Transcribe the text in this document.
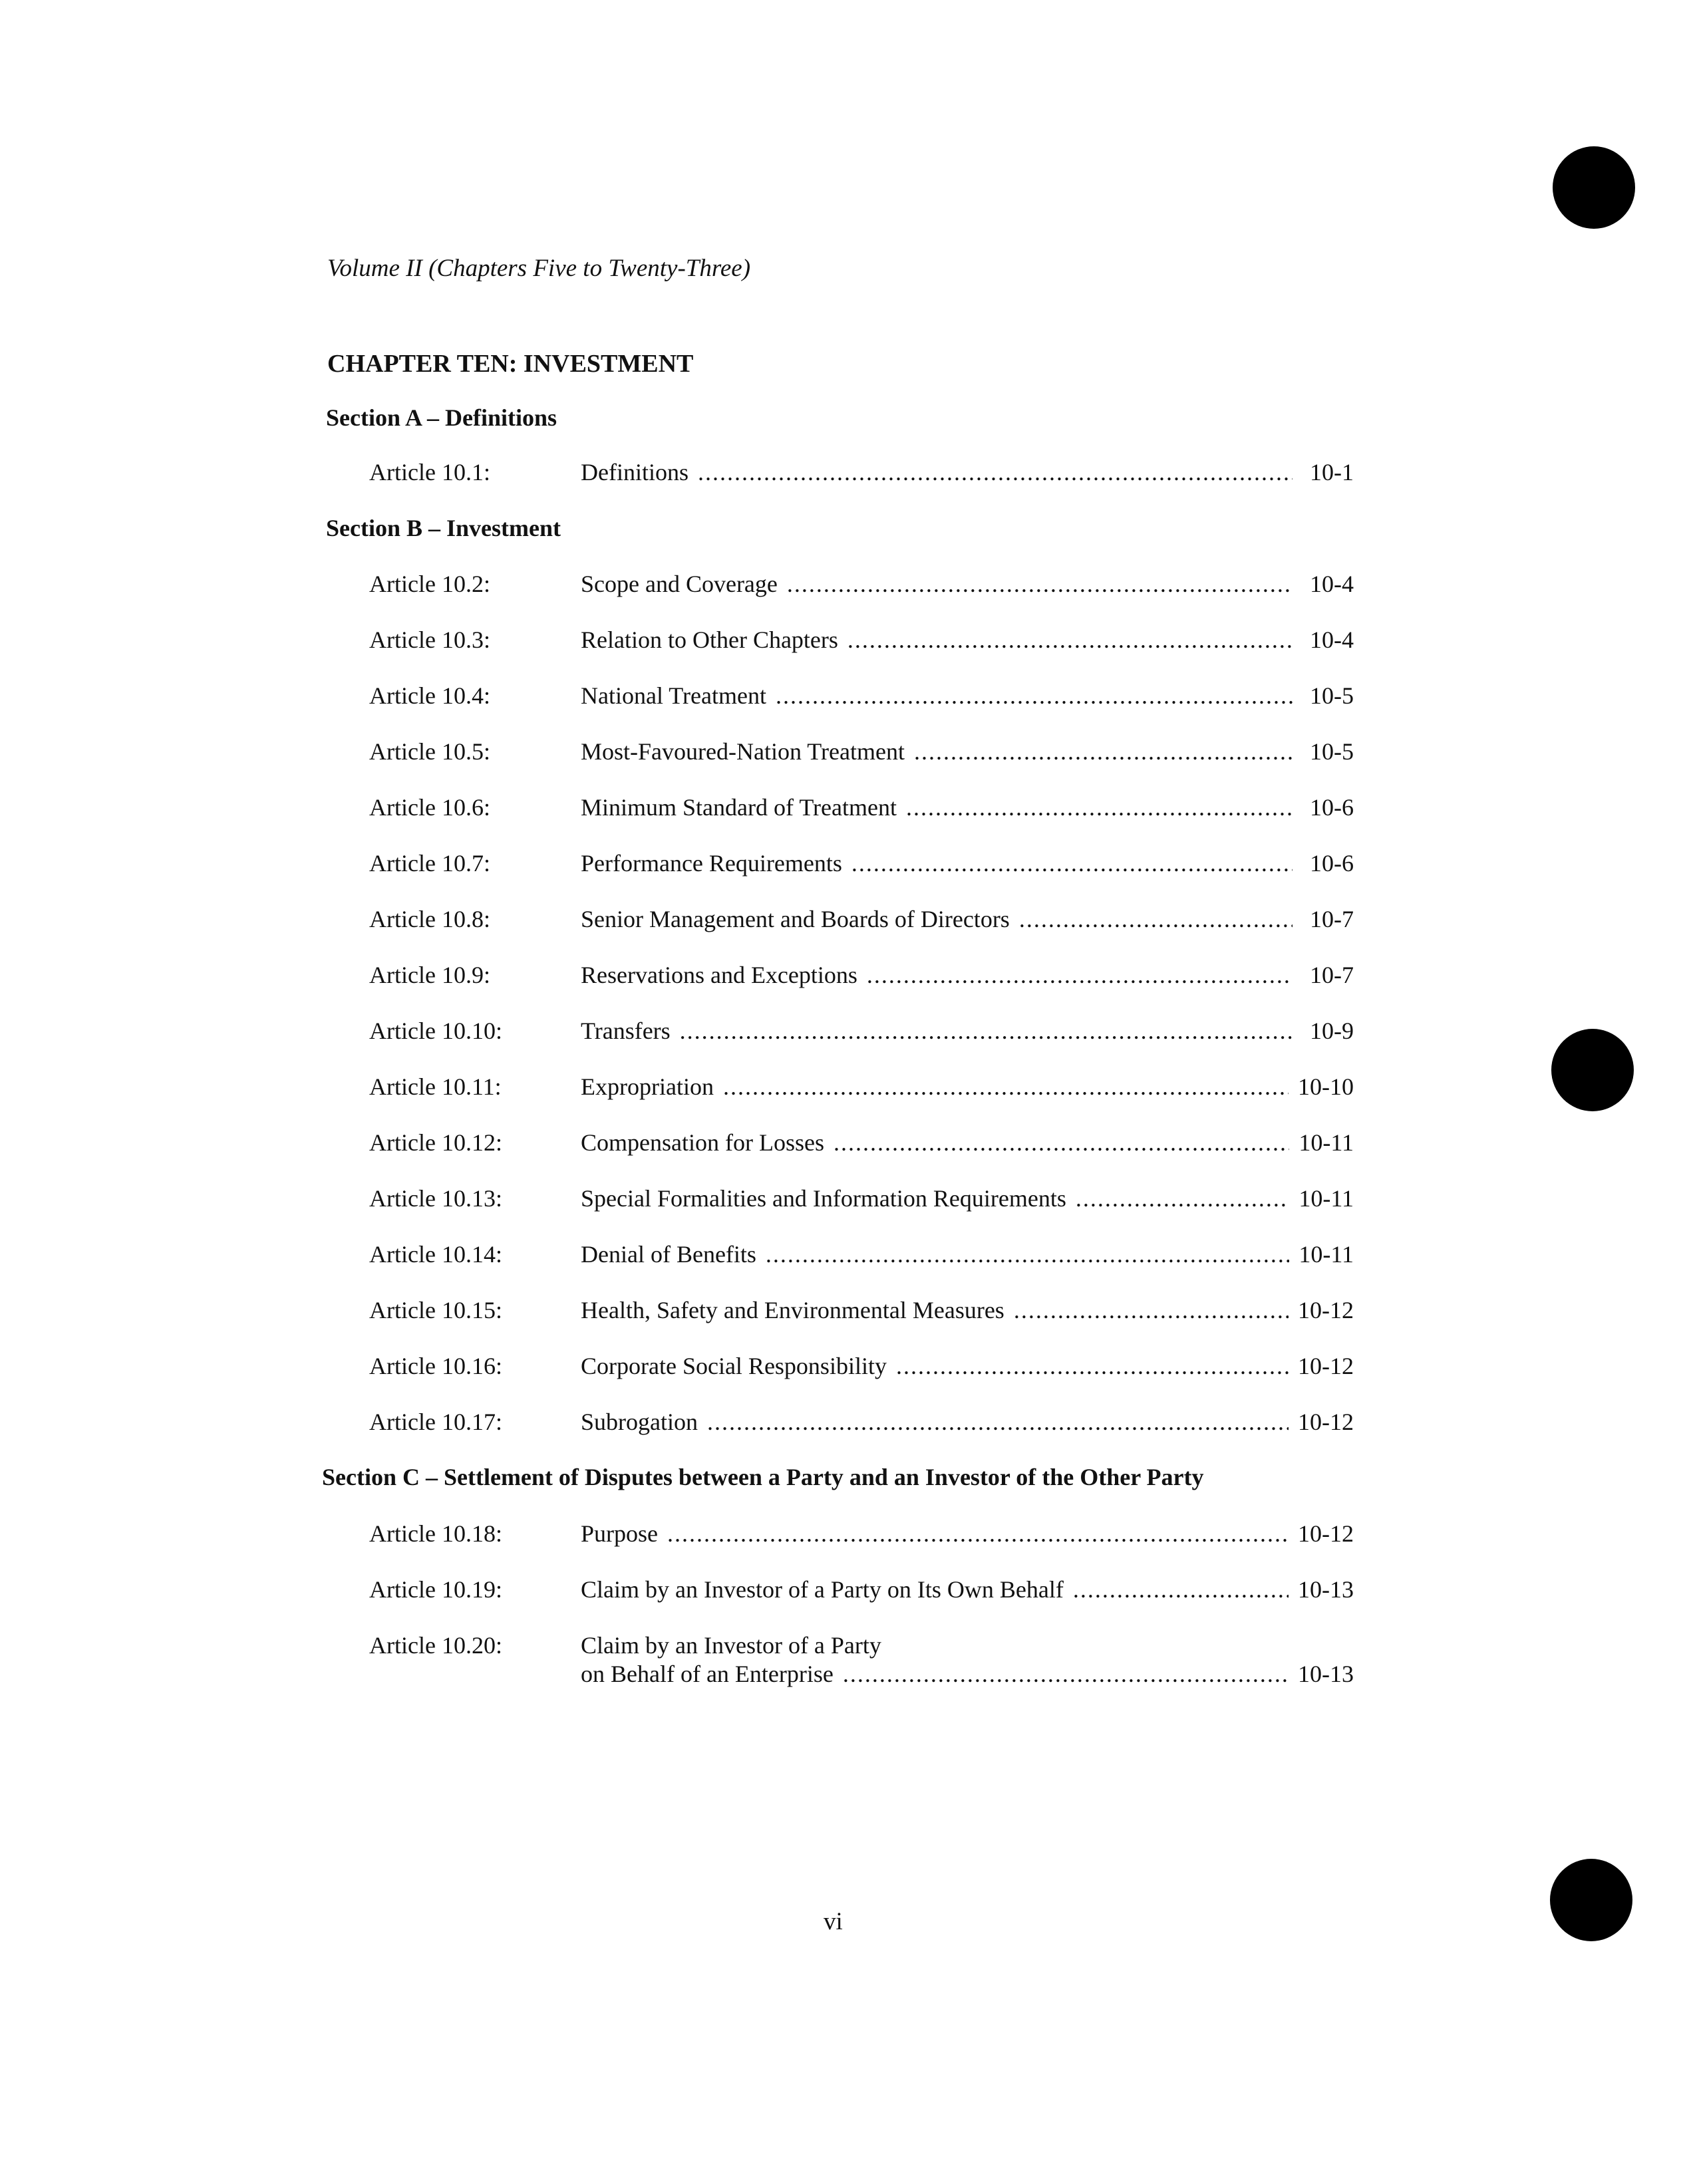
Volume II (Chapters Five to Twenty-Three)
CHAPTER TEN: INVESTMENT
Section A – Definitions
Article 10.1:	Definitions .....	10-1
Section B – Investment
Article 10.2:	Scope and Coverage .....	10-4
Article 10.3:	Relation to Other Chapters .....	10-4
Article 10.4:	National Treatment .....	10-5
Article 10.5:	Most-Favoured-Nation Treatment .....	10-5
Article 10.6:	Minimum Standard of Treatment .....	10-6
Article 10.7:	Performance Requirements .....	10-6
Article 10.8:	Senior Management and Boards of Directors .....	10-7
Article 10.9:	Reservations and Exceptions .....	10-7
Article 10.10:	Transfers .....	10-9
Article 10.11:	Expropriation .....	10-10
Article 10.12:	Compensation for Losses .....	10-11
Article 10.13:	Special Formalities and Information Requirements .....	10-11
Article 10.14:	Denial of Benefits .....	10-11
Article 10.15:	Health, Safety and Environmental Measures .....	10-12
Article 10.16:	Corporate Social Responsibility .....	10-12
Article 10.17:	Subrogation .....	10-12
Section C – Settlement of Disputes between a Party and an Investor of the Other Party
Article 10.18:	Purpose .....	10-12
Article 10.19:	Claim by an Investor of a Party on Its Own Behalf .....	10-13
Article 10.20:	Claim by an Investor of a Party
on Behalf of an Enterprise .....	10-13
vi
